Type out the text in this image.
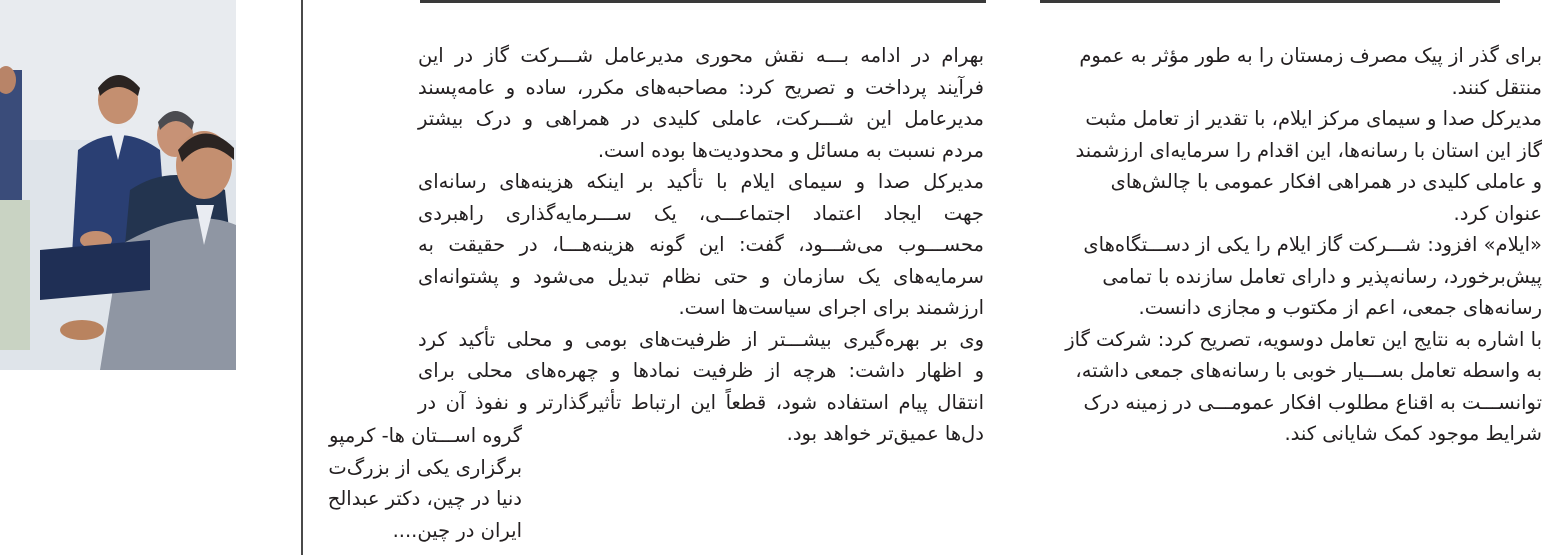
بهرام در ادامه بـــه نقش محوری مدیرعامل شـــرکت گاز در این
فرآیند پرداخت و تصریح کرد: مصاحبه‌های مکرر، ساده و عامه‌پسند
مدیرعامل این شـــرکت، عاملی کلیدی در همراهی و درک بیشتر
مردم نسبت به مسائل و محدودیت‌ها بوده است.
مدیرکل صدا و سیمای ایلام با تأکید بر اینکه هزینه‌های رسانه‌ای
جهت ایجاد اعتماد اجتماعـــی، یک ســـرمایه‌گذاری راهبردی
محســـوب می‌شـــود، گفت: این گونه هزینه‌هـــا، در حقیقت به
سرمایه‌های یک سازمان و حتی نظام تبدیل می‌شود و پشتوانه‌ای
ارزشمند برای اجرای سیاست‌ها است.
وی بر بهره‌گیری بیشـــتر از ظرفیت‌های بومی و محلی تأکید کرد
و اظهار داشت: هرچه از ظرفیت نمادها و چهره‌های محلی برای
انتقال پیام استفاده شود، قطعاً این ارتباط تأثیرگذارتر و نفوذ آن در
دل‌ها عمیق‌تر خواهد بود.
برای گذر از پیک مصرف زمستان را به طور مؤثر به عموم
منتقل کنند.
مدیرکل صدا و سیمای مرکز ایلام، با تقدیر از تعامل مثبت
گاز این استان با رسانه‌ها، این اقدام را سرمایه‌ای ارزشمند
و عاملی کلیدی در همراهی افکار عمومی با چالش‌های
عنوان کرد.
«ایلام» افزود: شـــرکت گاز ایلام را یکی از دســـتگاه‌های
پیش‌برخورد، رسانه‌پذیر و دارای تعامل سازنده با تمامی
رسانه‌های جمعی، اعم از مکتوب و مجازی دانست.
با اشاره به نتایج این تعامل دوسویه، تصریح کرد: شرکت گاز
به واسطه تعامل بســـیار خوبی با رسانه‌های جمعی داشته،
توانســـت به اقناع مطلوب افکار عمومـــی در زمینه درک
شرایط موجود کمک شایانی کند.
گروه اســـتان ها- کرمپو
برگزاری یکی از بزرگ‌ت
دنیا در چین، دکتر عبدالح
ایران در چین....
